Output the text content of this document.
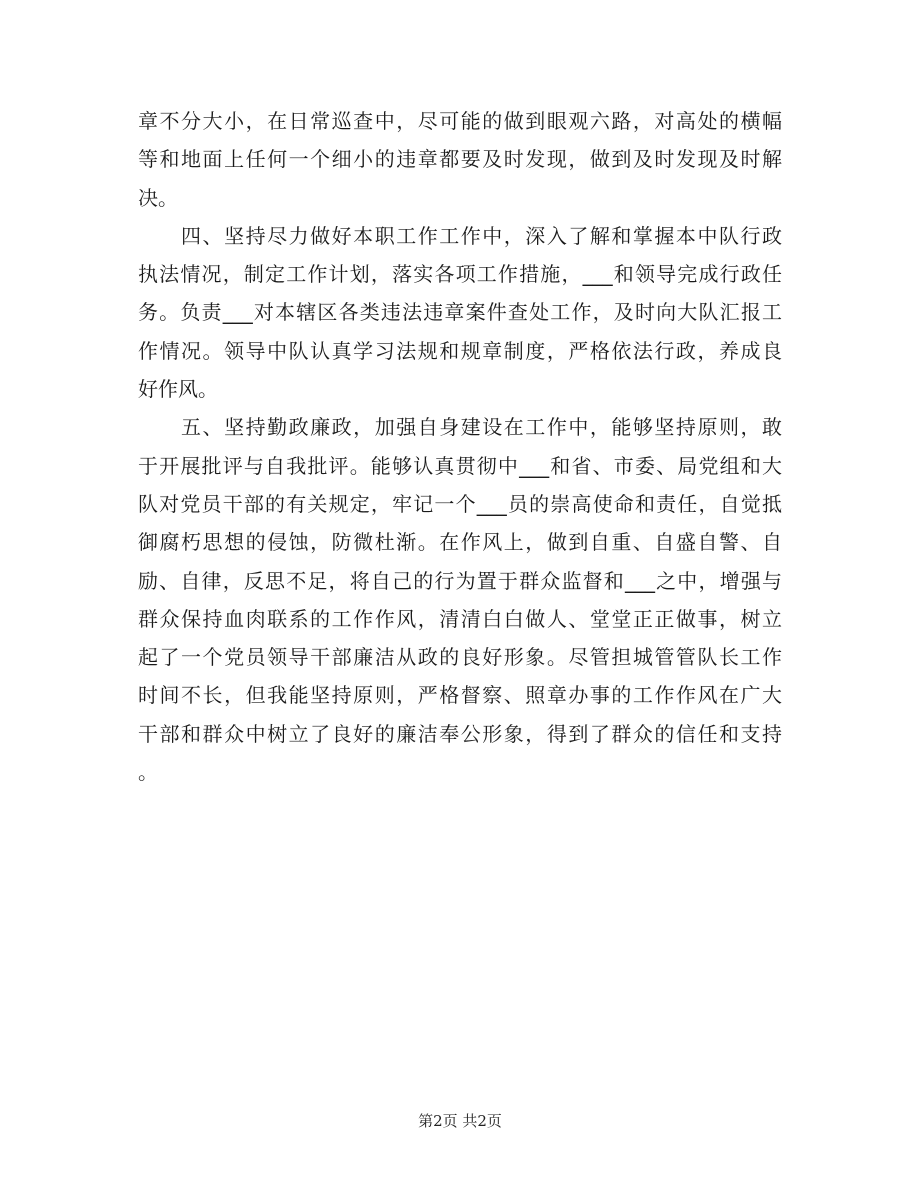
章不分大小，在日常巡查中，尽可能的做到眼观六路，对高处的横幅
等和地面上任何一个细小的违章都要及时发现，做到及时发现及时解
决。
　　四、坚持尽力做好本职工作工作中，深入了解和掌握本中队行政
执法情况，制定工作计划，落实各项工作措施，___和领导完成行政任
务。负责___对本辖区各类违法违章案件查处工作，及时向大队汇报工
作情况。领导中队认真学习法规和规章制度，严格依法行政，养成良
好作风。
　　五、坚持勤政廉政，加强自身建设在工作中，能够坚持原则，敢
于开展批评与自我批评。能够认真贯彻中___和省、市委、局党组和大
队对党员干部的有关规定，牢记一个___员的崇高使命和责任，自觉抵
御腐朽思想的侵蚀，防微杜渐。在作风上，做到自重、自盛自警、自
励、自律，反思不足，将自己的行为置于群众监督和___之中，增强与
群众保持血肉联系的工作作风，清清白白做人、堂堂正正做事，树立
起了一个党员领导干部廉洁从政的良好形象。尽管担城管管队长工作
时间不长，但我能坚持原则，严格督察、照章办事的工作作风在广大
干部和群众中树立了良好的廉洁奉公形象，得到了群众的信任和支持
。
第2页 共2页
